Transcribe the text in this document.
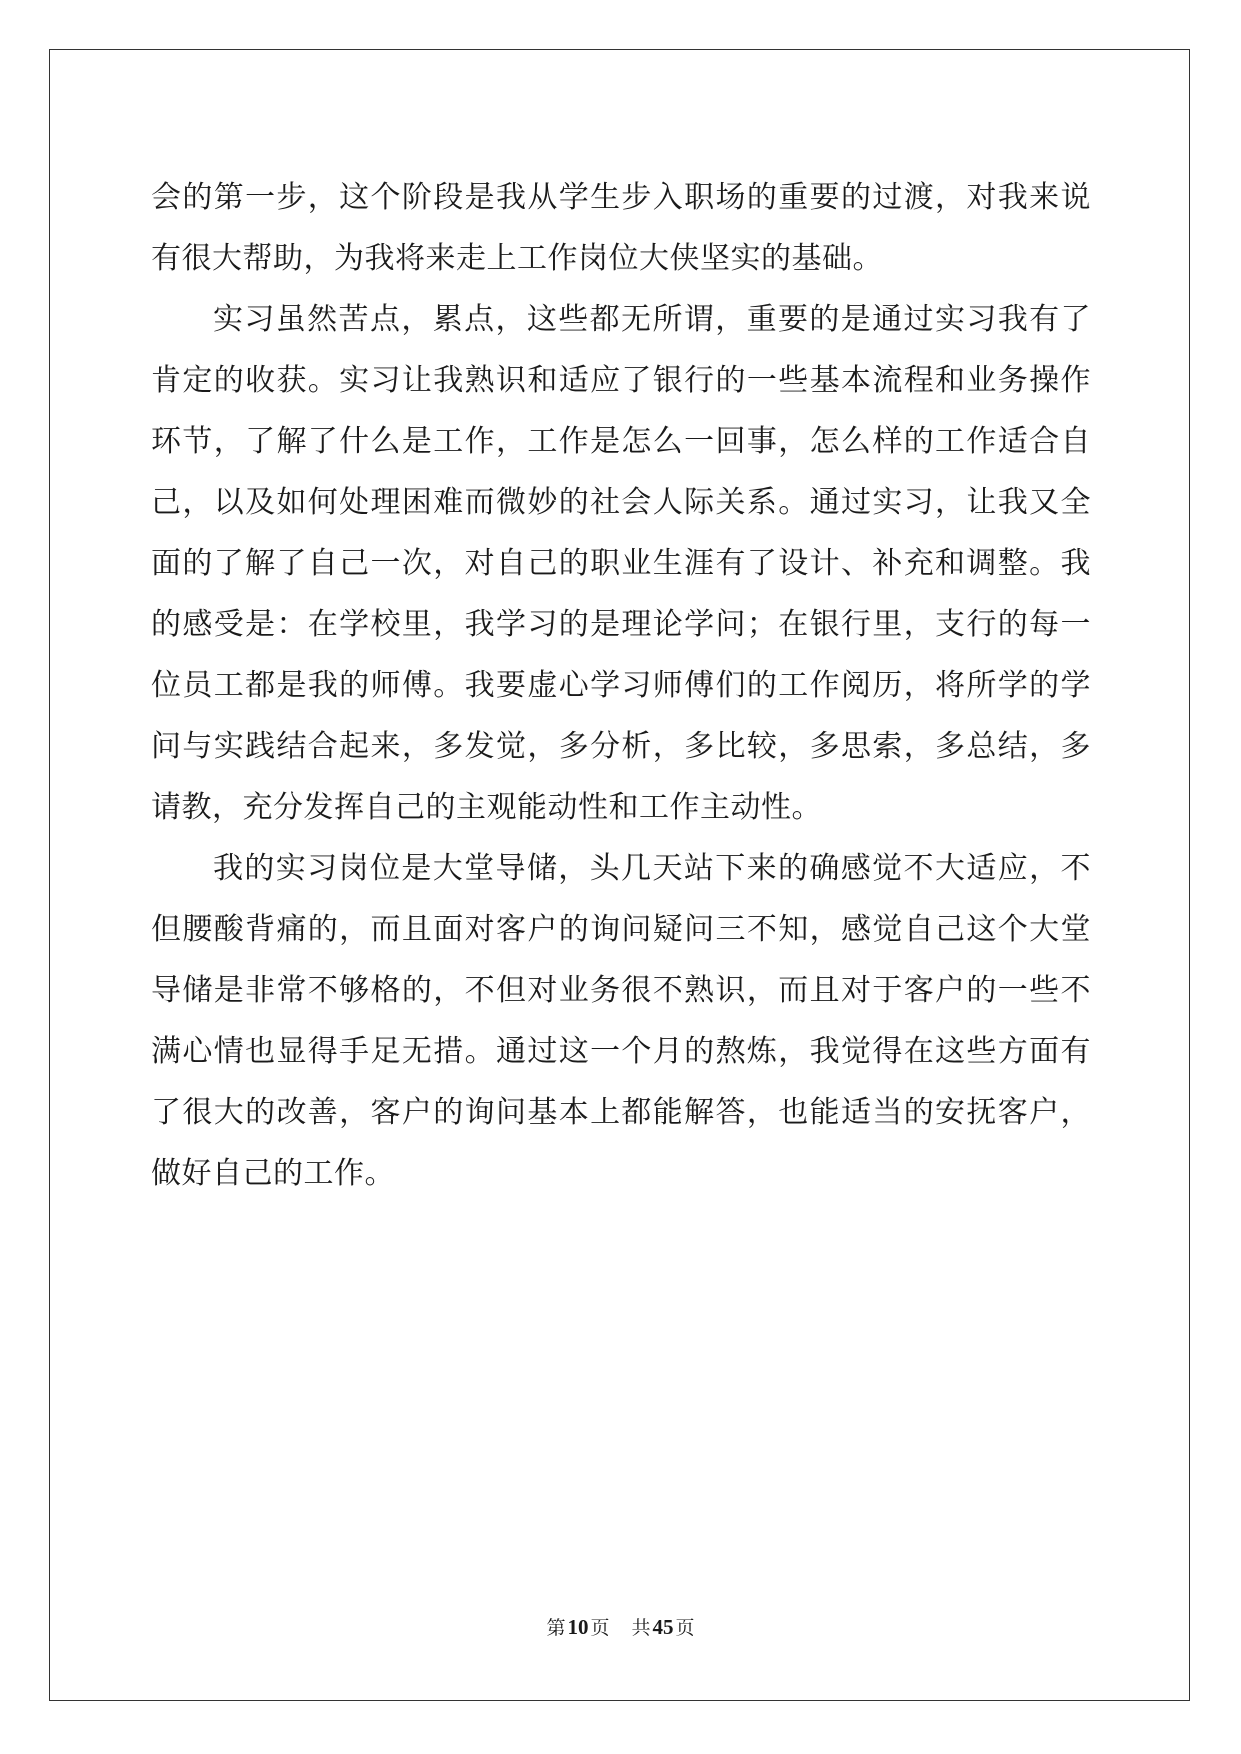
会的第一步，这个阶段是我从学生步入职场的重要的过渡，对我来说
有很大帮助，为我将来走上工作岗位大侠坚实的基础。
实习虽然苦点，累点，这些都无所谓，重要的是通过实习我有了
肯定的收获。实习让我熟识和适应了银行的一些基本流程和业务操作
环节，了解了什么是工作，工作是怎么一回事，怎么样的工作适合自
己，以及如何处理困难而微妙的社会人际关系。通过实习，让我又全
面的了解了自己一次，对自己的职业生涯有了设计、补充和调整。我
的感受是：在学校里，我学习的是理论学问；在银行里，支行的每一
位员工都是我的师傅。我要虚心学习师傅们的工作阅历，将所学的学
问与实践结合起来，多发觉，多分析，多比较，多思索，多总结，多
请教，充分发挥自己的主观能动性和工作主动性。
我的实习岗位是大堂导储，头几天站下来的确感觉不大适应，不
但腰酸背痛的，而且面对客户的询问疑问三不知，感觉自己这个大堂
导储是非常不够格的，不但对业务很不熟识，而且对于客户的一些不
满心情也显得手足无措。通过这一个月的熬炼，我觉得在这些方面有
了很大的改善，客户的询问基本上都能解答，也能适当的安抚客户，
做好自己的工作。
第10 页 共45 页
